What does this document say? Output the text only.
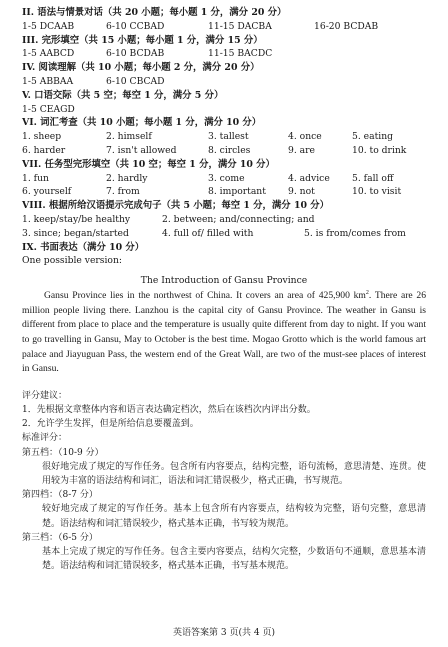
II. 语法与情景对话（共 20 小题；每小题 1 分，满分 20 分）
1-5 DCAAB	6-10 CCBAD	11-15 DACBA	16-20 BCDAB
III. 完形填空（共 15 小题；每小题 1 分，满分 15 分）
1-5 AABCD	6-10 BCDAB	11-15 BACDC
IV. 阅读理解（共 10 小题；每小题 2 分，满分 20 分）
1-5 ABBAA	6-10 CBCAD
V. 口语交际（共 5 空；每空 1 分，满分 5 分）
1-5 CEAGD
VI. 词汇考查（共 10 小题；每小题 1 分，满分 10 分）
1. sheep	2. himself	3. tallest	4. once	5. eating
6. harder	7. isn't allowed	8. circles	9. are	10. to drink
VII. 任务型完形填空（共 10 空；每空 1 分，满分 10 分）
1. fun	2. hardly	3. come	4. advice 5. fall off
6. yourself	7. from	8. important 9. not	10. to visit
VIII. 根据所给汉语提示完成句子（共 5 小题；每空 1 分，满分 10 分）
1. keep/stay/be healthy	2. between; and/connecting; and
3. since; began/started	4. full of/ filled with	5. is from/comes from
IX. 书面表达（满分 10 分）
One possible version:
The Introduction of Gansu Province

Gansu Province lies in the northwest of China. It covers an area of 425,900 $km^2$. There are 26 million people living there. Lanzhou is the capital city of Gansu Province. The weather in Gansu is different from place to place and the temperature is usually quite different from day to night. If you want to go travelling in Gansu, May to October is the best time. Mogao Grotto which is the world famous art palace and Jiayuguan Pass, the western end of the Great Wall, are two of the must-see places of interest in Gansu.

评分建议：
1．先根据文章整体内容和语言表达确定档次，然后在该档次内评出分数。
2．允许学生发挥，但是所给信息要覆盖到。
标准评分：
第五档：（10-9 分）
很好地完成了规定的写作任务。包含所有内容要点，结构完整，语句流畅，意思清楚、连贯。使用较为丰富的语法结构和词汇，语法和词汇错误极少，格式正确，书写规范。
第四档：（8-7 分）
较好地完成了规定的写作任务。基本上包含所有内容要点，结构较为完整，语句完整，意思清楚。语法结构和词汇错误较少，格式基本正确，书写较为规范。
第三档：（6-5 分）
基本上完成了规定的写作任务。包含主要内容要点，结构欠完整，少数语句不通顺，意思基本清楚。语法结构和词汇错误较多，格式基本正确，书写基本规范。
英语答案第 3 页(共 4 页)
